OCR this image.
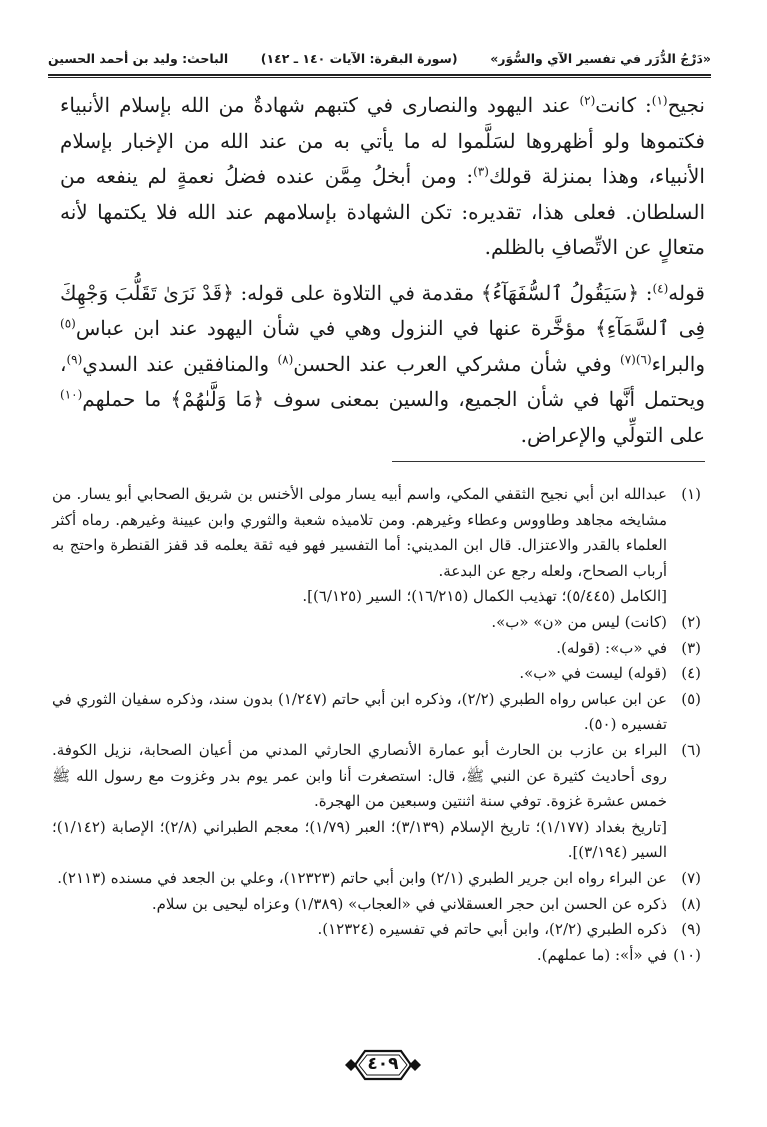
«دَرْجُ الدُّرَر في تفسير الآي والسُّوَر»
(سورة البقرة: الآيات ١٤٠ ـ ١٤٢)
الباحث: وليد بن أحمد الحسين

نجيح$^{(١)}$: كانت$^{(٢)}$ عند اليهود والنصارى في كتبهم شهادةٌ من الله بإسلام الأنبياء فكتموها ولو أظهروها لسَلَّموا له ما يأتي به من عند الله من الإخبار بإسلام الأنبياء، وهذا بمنزلة قولك$^{(٣)}$: ومن أبخلُ مِمَّن عنده فضلُ نعمةٍ لم ينفعه من السلطان. فعلى هذا، تقديره: تكن الشهادة بإسلامهم عند الله فلا يكتمها لأنه متعالٍ عن الاتِّصافِ بالظلم.

قوله$^{(٤)}$: ﴿سَيَقُولُ ٱلسُّفَهَآءُ﴾ مقدمة في التلاوة على قوله: ﴿قَدْ نَرَىٰ تَقَلُّبَ وَجْهِكَ فِى ٱلسَّمَآءِ﴾ مؤخَّرة عنها في النزول وهي في شأن اليهود عند ابن عباس$^{(٥)}$ والبراء$^{(٦)(٧)}$ وفي شأن مشركي العرب عند الحسن$^{(٨)}$ والمنافقين عند السدي$^{(٩)}$، ويحتمل أنَّها في شأن الجميع، والسين بمعنى سوف ﴿مَا وَلَّىٰهُمْ﴾ ما حملهم$^{(١٠)}$ على التولِّي والإعراض.

(١)
عبدالله ابن أبي نجيح الثقفي المكي، واسم أبيه يسار مولى الأخنس بن شريق الصحابي أبو يسار. من مشايخه مجاهد وطاووس وعطاء وغيرهم. ومن تلاميذه شعبة والثوري وابن عيينة وغيرهم. رماه أكثر العلماء بالقدر والاعتزال. قال ابن المديني: أما التفسير فهو فيه ثقة يعلمه قد قفز القنطرة واحتج به أرباب الصحاح، ولعله رجع عن البدعة.
[الكامل (٥/٤٤٥)؛ تهذيب الكمال (١٦/٢١٥)؛ السير (٦/١٢٥)].
(٢)
(كانت) ليس من «ن» «ب».
(٣)
في «ب»: (قوله).
(٤)
(قوله) ليست في «ب».
(٥)
عن ابن عباس رواه الطبري (٢/٢)، وذكره ابن أبي حاتم (١/٢٤٧) بدون سند، وذكره سفيان الثوري في تفسيره (٥٠).
(٦)
البراء بن عازب بن الحارث أبو عمارة الأنصاري الحارثي المدني من أعيان الصحابة، نزيل الكوفة. روى أحاديث كثيرة عن النبي ﷺ، قال: استصغرت أنا وابن عمر يوم بدر وغزوت مع رسول الله ﷺ خمس عشرة غزوة. توفي سنة اثنتين وسبعين من الهجرة.
[تاريخ بغداد (١/١٧٧)؛ تاريخ الإسلام (٣/١٣٩)؛ العبر (١/٧٩)؛ معجم الطبراني (٢/٨)؛ الإصابة (١/١٤٢)؛ السير (٣/١٩٤)].
(٧)
عن البراء رواه ابن جرير الطبري (٢/١) وابن أبي حاتم (١٢٣٢٣)، وعلي بن الجعد في مسنده (٢١١٣).
(٨)
ذكره عن الحسن ابن حجر العسقلاني في «العجاب» (١/٣٨٩) وعزاه ليحيى بن سلام.
(٩)
ذكره الطبري (٢/٢)، وابن أبي حاتم في تفسيره (١٢٣٢٤).
(١٠)
في «أ»: (ما عملهم).
٤٠٩
